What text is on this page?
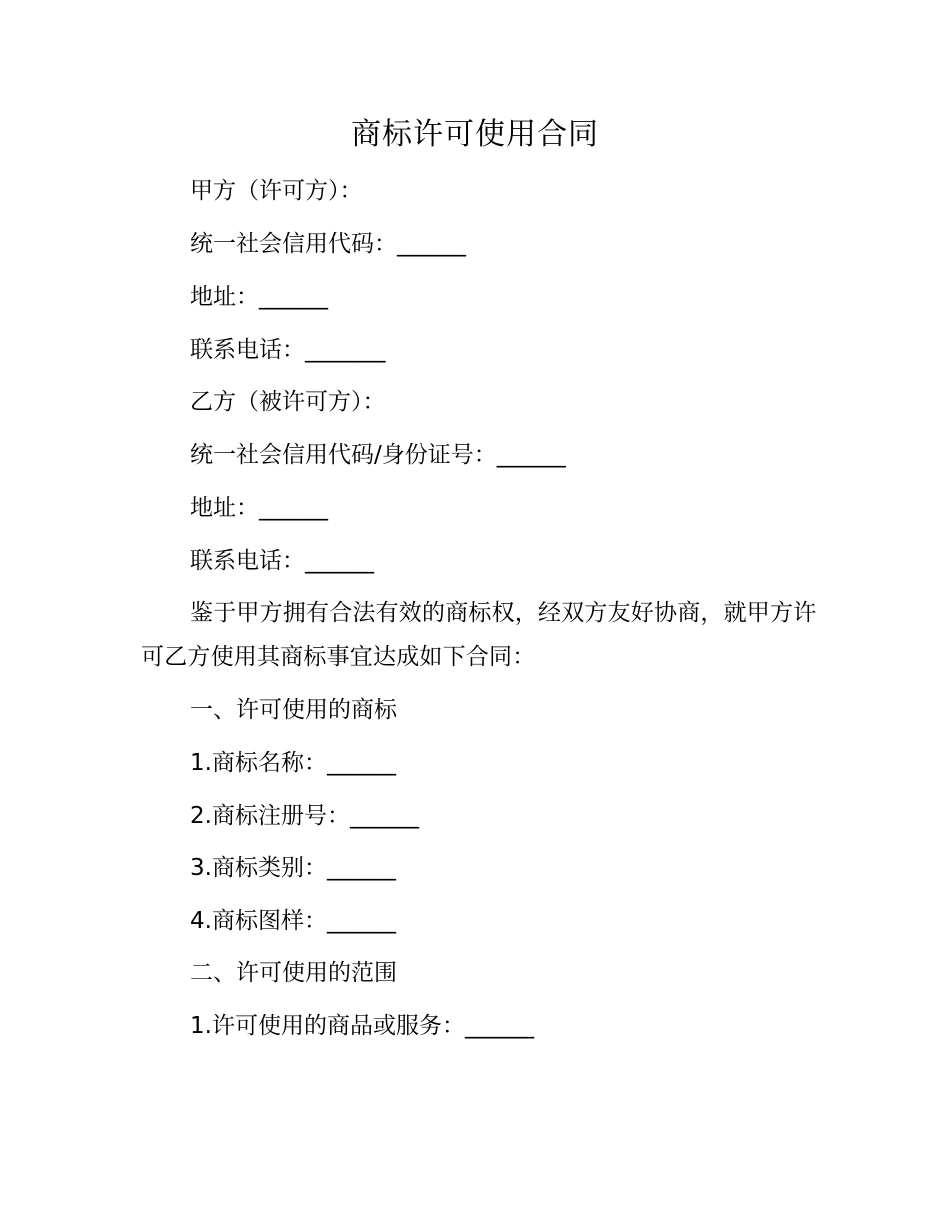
商标许可使用合同
甲方（许可方）：
统一社会信用代码：______
地址：______
联系电话：_______
乙方（被许可方）：
统一社会信用代码/身份证号：______
地址：______
联系电话：______
鉴于甲方拥有合法有效的商标权，经双方友好协商，就甲方许可乙方使用其商标事宜达成如下合同：
一、许可使用的商标
1.商标名称：______
2.商标注册号：______
3.商标类别：______
4.商标图样：______
二、许可使用的范围
1.许可使用的商品或服务：______
